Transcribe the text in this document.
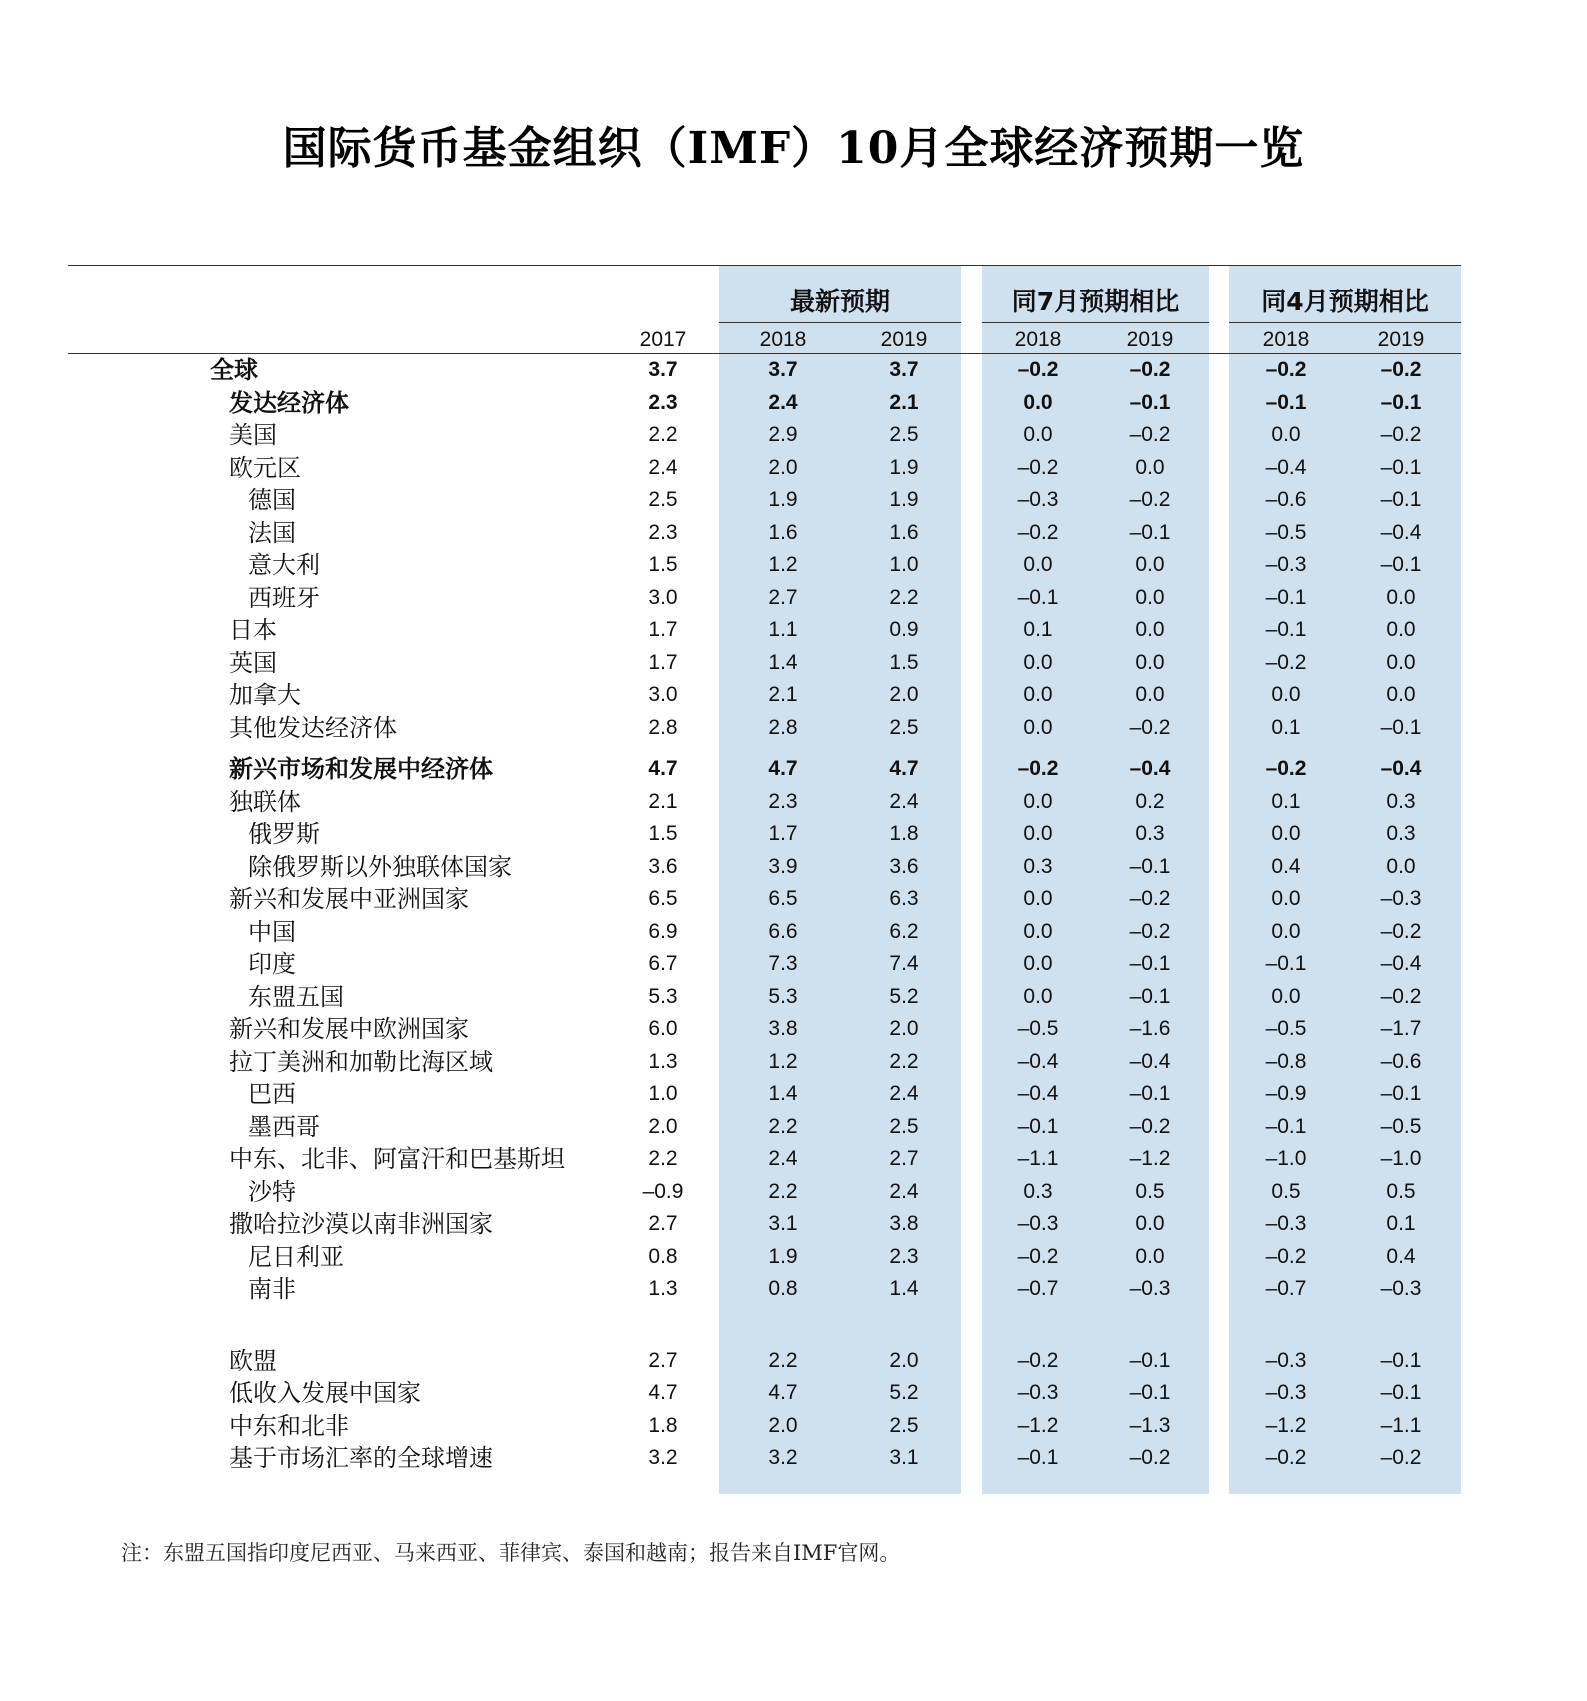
国际货币基金组织（IMF）10月全球经济预期一览
最新预期	同7月预期相比	同4月预期相比
2017	2018	2019	2018	2019	2018	2019
全球	3.7	3.7	3.7	–0.2	–0.2	–0.2	–0.2
发达经济体	2.3	2.4	2.1	0.0	–0.1	–0.1	–0.1
美国	2.2	2.9	2.5	0.0	–0.2	0.0	–0.2
欧元区	2.4	2.0	1.9	–0.2	0.0	–0.4	–0.1
德国	2.5	1.9	1.9	–0.3	–0.2	–0.6	–0.1
法国	2.3	1.6	1.6	–0.2	–0.1	–0.5	–0.4
意大利	1.5	1.2	1.0	0.0	0.0	–0.3	–0.1
西班牙	3.0	2.7	2.2	–0.1	0.0	–0.1	0.0
日本	1.7	1.1	0.9	0.1	0.0	–0.1	0.0
英国	1.7	1.4	1.5	0.0	0.0	–0.2	0.0
加拿大	3.0	2.1	2.0	0.0	0.0	0.0	0.0
其他发达经济体	2.8	2.8	2.5	0.0	–0.2	0.1	–0.1
新兴市场和发展中经济体	4.7	4.7	4.7	–0.2	–0.4	–0.2	–0.4
独联体	2.1	2.3	2.4	0.0	0.2	0.1	0.3
俄罗斯	1.5	1.7	1.8	0.0	0.3	0.0	0.3
除俄罗斯以外独联体国家	3.6	3.9	3.6	0.3	–0.1	0.4	0.0
新兴和发展中亚洲国家	6.5	6.5	6.3	0.0	–0.2	0.0	–0.3
中国	6.9	6.6	6.2	0.0	–0.2	0.0	–0.2
印度	6.7	7.3	7.4	0.0	–0.1	–0.1	–0.4
东盟五国	5.3	5.3	5.2	0.0	–0.1	0.0	–0.2
新兴和发展中欧洲国家	6.0	3.8	2.0	–0.5	–1.6	–0.5	–1.7
拉丁美洲和加勒比海区域	1.3	1.2	2.2	–0.4	–0.4	–0.8	–0.6
巴西	1.0	1.4	2.4	–0.4	–0.1	–0.9	–0.1
墨西哥	2.0	2.2	2.5	–0.1	–0.2	–0.1	–0.5
中东、北非、阿富汗和巴基斯坦	2.2	2.4	2.7	–1.1	–1.2	–1.0	–1.0
沙特	–0.9	2.2	2.4	0.3	0.5	0.5	0.5
撒哈拉沙漠以南非洲国家	2.7	3.1	3.8	–0.3	0.0	–0.3	0.1
尼日利亚	0.8	1.9	2.3	–0.2	0.0	–0.2	0.4
南非	1.3	0.8	1.4	–0.7	–0.3	–0.7	–0.3
欧盟	2.7	2.2	2.0	–0.2	–0.1	–0.3	–0.1
低收入发展中国家	4.7	4.7	5.2	–0.3	–0.1	–0.3	–0.1
中东和北非	1.8	2.0	2.5	–1.2	–1.3	–1.2	–1.1
基于市场汇率的全球增速	3.2	3.2	3.1	–0.1	–0.2	–0.2	–0.2
注：东盟五国指印度尼西亚、马来西亚、菲律宾、泰国和越南；报告来自IMF官网。
